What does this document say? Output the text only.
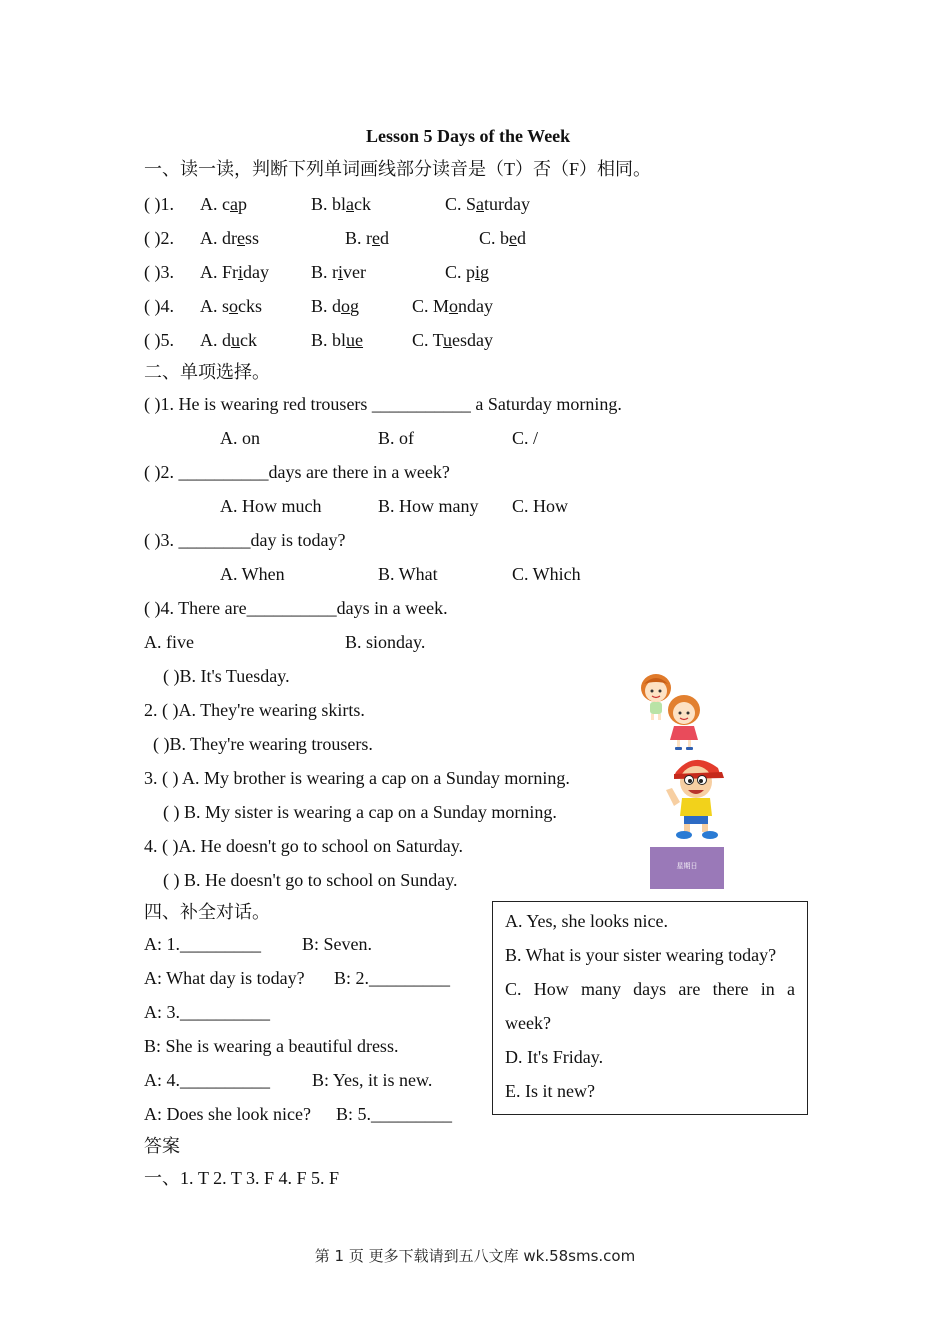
Lesson 5 Days of the Week
一、读一读，判断下列单词画线部分读音是（T）否（F）相同。
( )1. A. cap	B. black	C. Saturday
( )2. A. dress	B. red	C. bed
( )3. A. Friday B. river	C. pig
( )4. A. socks	B. dog	C. Monday
( )5. A. duck	B. blue	C. Tuesday
二、单项选择。
( )1. He is wearing red trousers ___________ a Saturday morning.
A. on	B. of	C. /
( )2. __________days are there in a week?
A. How much	B. How many C. How
( )3. ________day is today?
A. When	B. What	C. Which
( )4. There are__________days in a week.
A. five	B. sionday.
( )B. It's Tuesday.
2. ( )A. They're wearing skirts.
( )B. They're wearing trousers.
3. ( ) A. My brother is wearing a cap on a Sunday morning.
( ) B. My sister is wearing a cap on a Sunday morning.
4. ( )A. He doesn't go to school on Saturday.
( ) B. He doesn't go to school on Sunday.
星期日
四、补全对话。
A: 1._________ B: Seven.
A: What day is today? B: 2._________
A: 3.__________
B: She is wearing a beautiful dress.
A: 4.__________ B: Yes, it is new.
A: Does she look nice? B: 5._________
A. Yes, she looks nice.
B. What is your sister wearing today?
C. How many days are there in a
week?
D. It's Friday.
E. Is it new?
答案
一、1. T 2. T 3. F 4. F 5. F
第 1 页 更多下载请到五八文库 wk.58sms.com
